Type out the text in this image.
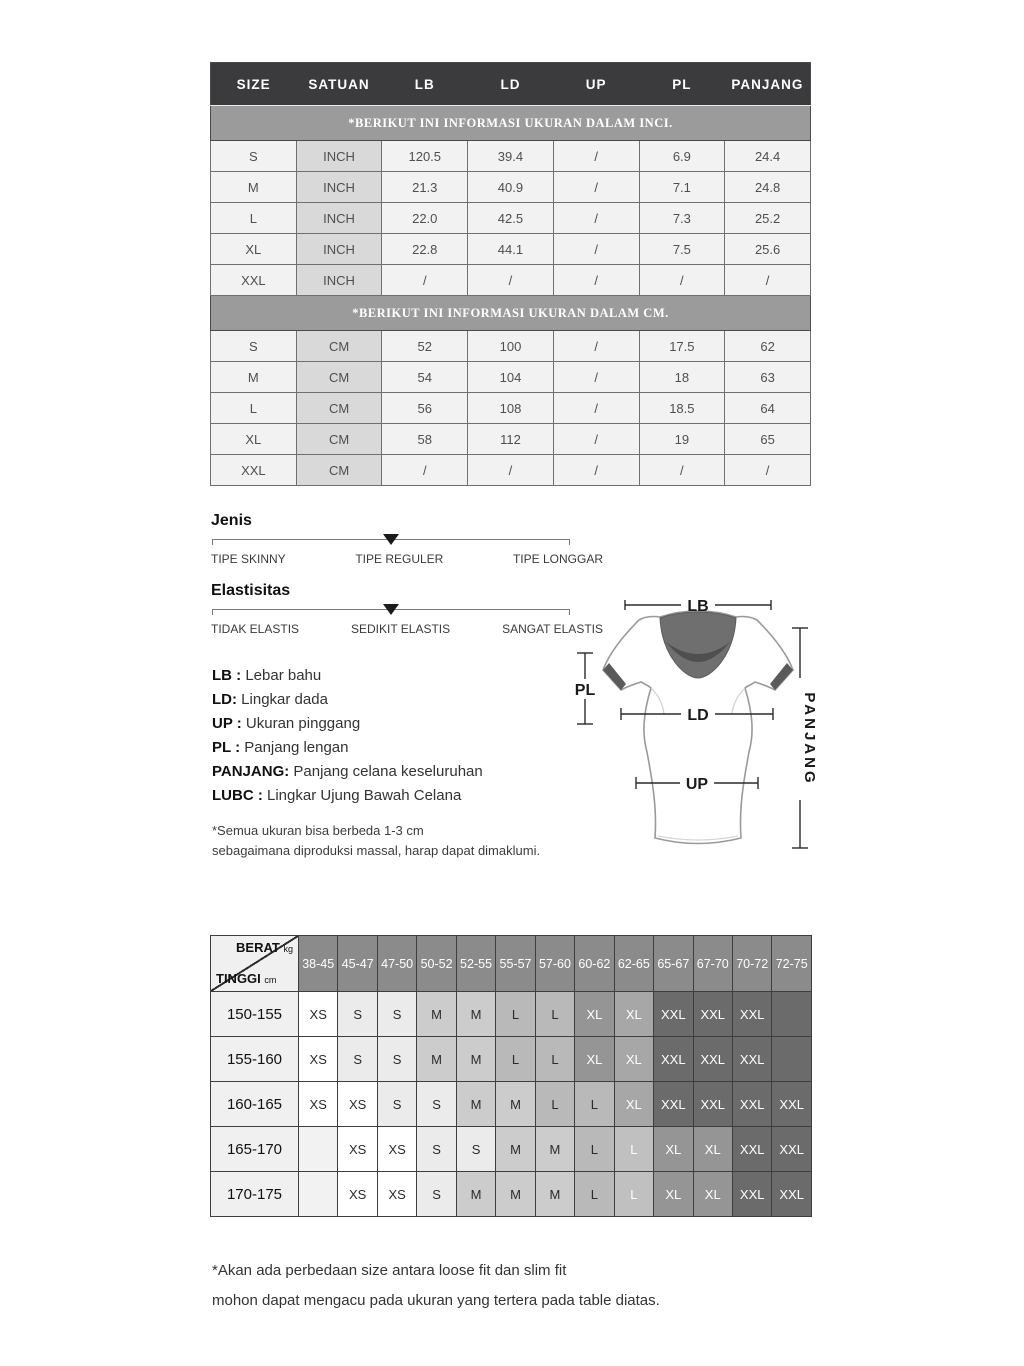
SIZE	SATUAN	LB	LD	UP	PL	PANJANG
*BERIKUT INI INFORMASI UKURAN DALAM INCI.						
S	INCH	120.5	39.4	/	6.9	24.4
M	INCH	21.3	40.9	/	7.1	24.8
L	INCH	22.0	42.5	/	7.3	25.2
XL	INCH	22.8	44.1	/	7.5	25.6
XXL	INCH	/	/	/	/	/
*BERIKUT INI INFORMASI UKURAN DALAM CM.						
S	CM	52	100	/	17.5	62
M	CM	54	104	/	18	63
L	CM	56	108	/	18.5	64
XL	CM	58	112	/	19	65
XXL	CM	/	/	/	/	/
Jenis
TIPE SKINNY	TIPE REGULER	TIPE LONGGAR
Elastisitas
TIDAK ELASTIS	SEDIKIT ELASTIS	SANGAT ELASTIS
LB : Lebar bahu
LD: Lingkar dada
UP : Ukuran pinggang
PL : Panjang lengan
PANJANG: Panjang celana keseluruhan
LUBC : Lingkar Ujung Bawah Celana
*Semua ukuran bisa berbeda 1-3 cm
sebagaimana diproduksi massal, harap dapat dimaklumi.
LB
PL
LD
UP	PANJANG
BERAT kg
TINGGI cm	38-45	45-47	47-50	50-52	52-55	55-57	57-60	60-62	62-65	65-67	67-70	70-72	72-75
150-155	XS	S	S	M	M	L	L	XL	XL	XXL	XXL	XXL	
155-160	XS	S	S	M	M	L	L	XL	XL	XXL	XXL	XXL	
160-165	XS	XS	S	S	M	M	L	L	XL	XXL	XXL	XXL	XXL
165-170		XS	XS	S	S	M	M	L	L	XL	XL	XXL	XXL
170-175		XS	XS	S	M	M	M	L	L	XL	XL	XXL	XXL
*Akan ada perbedaan size antara loose fit dan slim fit
mohon dapat mengacu pada ukuran yang tertera pada table diatas.
